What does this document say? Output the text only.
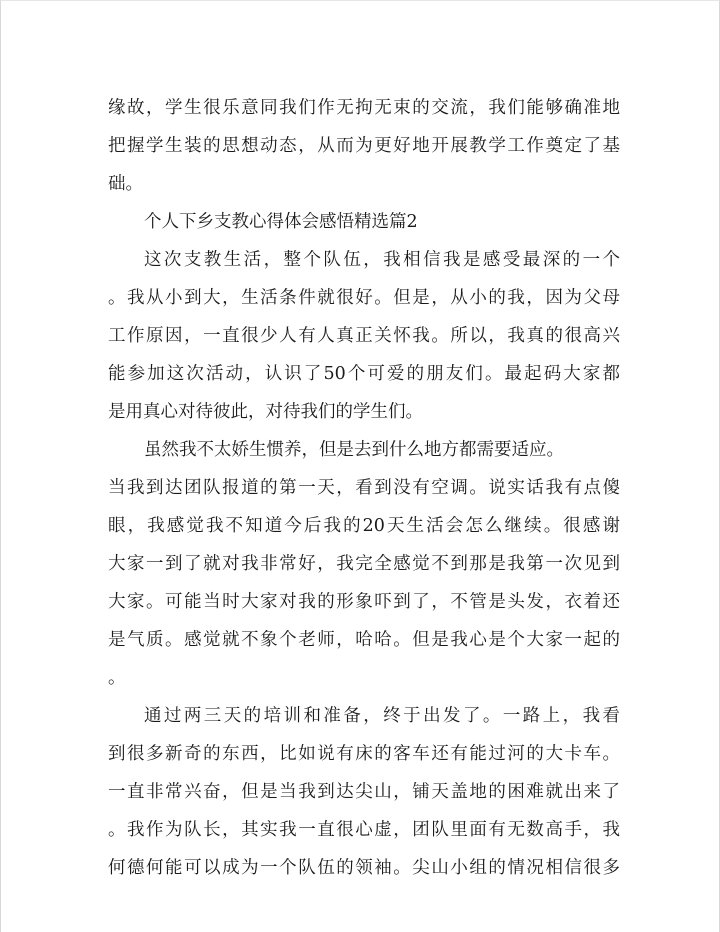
缘故，学生很乐意同我们作无拘无束的交流，我们能够确准地
把握学生装的思想动态，从而为更好地开展教学工作奠定了基
础。
个人下乡支教心得体会感悟精选篇2
这次支教生活，整个队伍，我相信我是感受最深的一个
。我从小到大，生活条件就很好。但是，从小的我，因为父母
工作原因，一直很少人有人真正关怀我。所以，我真的很高兴
能参加这次活动，认识了50个可爱的朋友们。最起码大家都
是用真心对待彼此，对待我们的学生们。
虽然我不太娇生惯养，但是去到什么地方都需要适应。
当我到达团队报道的第一天，看到没有空调。说实话我有点傻
眼，我感觉我不知道今后我的20天生活会怎么继续。很感谢
大家一到了就对我非常好，我完全感觉不到那是我第一次见到
大家。可能当时大家对我的形象吓到了，不管是头发，衣着还
是气质。感觉就不象个老师，哈哈。但是我心是个大家一起的
。
通过两三天的培训和准备，终于出发了。一路上，我看
到很多新奇的东西，比如说有床的客车还有能过河的大卡车。
一直非常兴奋，但是当我到达尖山，铺天盖地的困难就出来了
。我作为队长，其实我一直很心虚，团队里面有无数高手，我
何德何能可以成为一个队伍的领袖。尖山小组的情况相信很多
